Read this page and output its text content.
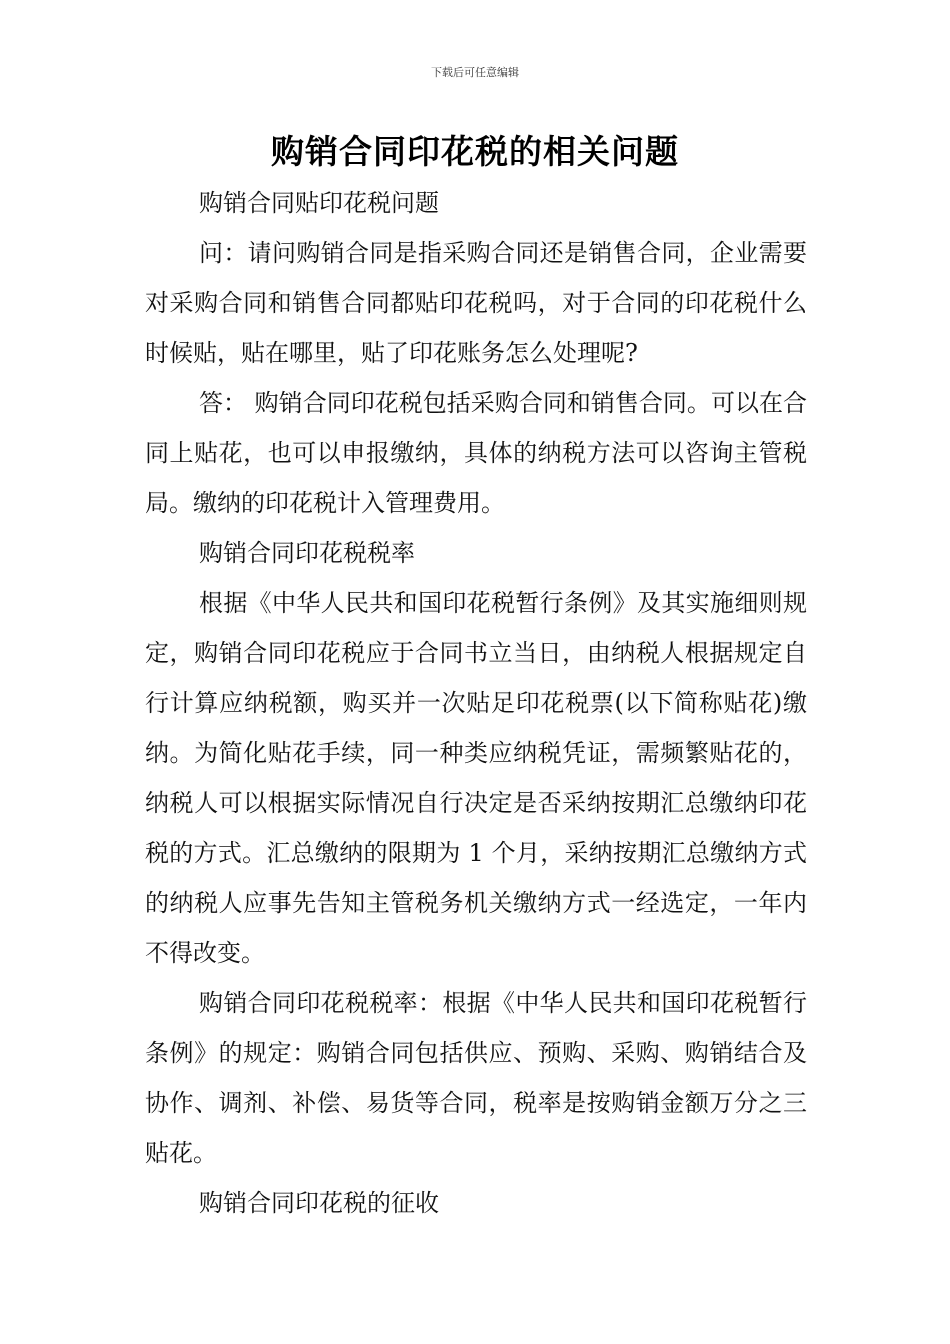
下载后可任意编辑
购销合同印花税的相关问题

购销合同贴印花税问题

问：请问购销合同是指采购合同还是销售合同，企业需要对采购合同和销售合同都贴印花税吗，对于合同的印花税什么时候贴，贴在哪里，贴了印花账务怎么处理呢?

答： 购销合同印花税包括采购合同和销售合同。可以在合同上贴花，也可以申报缴纳，具体的纳税方法可以咨询主管税局。缴纳的印花税计入管理费用。

购销合同印花税税率

根据《中华人民共和国印花税暂行条例》及其实施细则规定，购销合同印花税应于合同书立当日，由纳税人根据规定自行计算应纳税额，购买并一次贴足印花税票(以下简称贴花)缴纳。为简化贴花手续，同一种类应纳税凭证，需频繁贴花的，纳税人可以根据实际情况自行决定是否采纳按期汇总缴纳印花税的方式。汇总缴纳的限期为 1 个月，采纳按期汇总缴纳方式的纳税人应事先告知主管税务机关缴纳方式一经选定，一年内不得改变。

购销合同印花税税率：根据《中华人民共和国印花税暂行条例》的规定：购销合同包括供应、预购、采购、购销结合及协作、调剂、补偿、易货等合同，税率是按购销金额万分之三贴花。

购销合同印花税的征收
